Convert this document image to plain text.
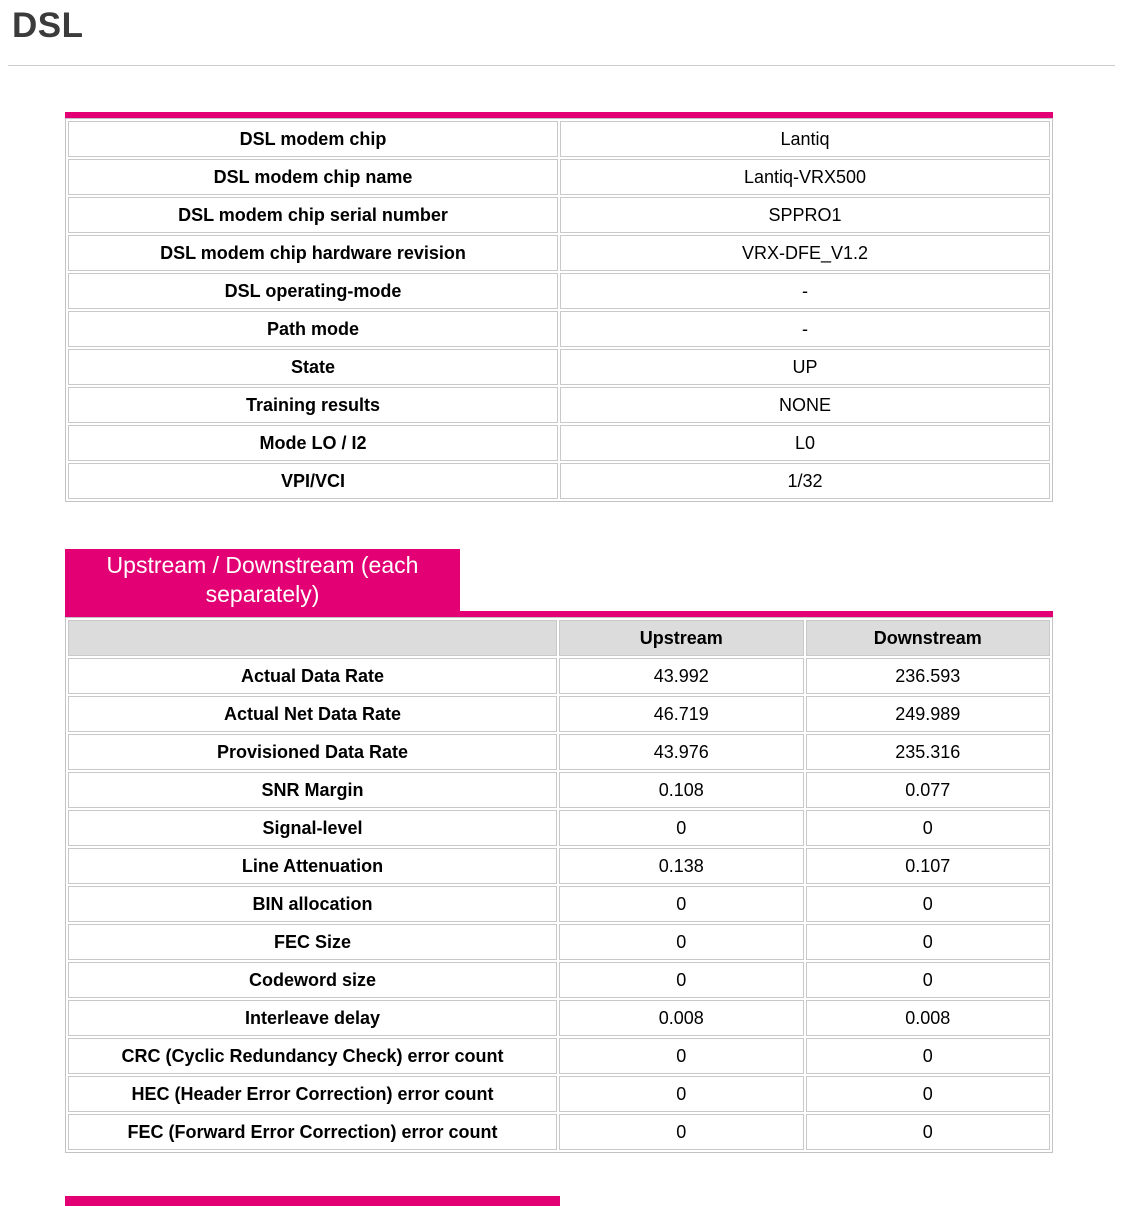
DSL
DSL modem chip	Lantiq
DSL modem chip name	Lantiq-VRX500
DSL modem chip serial number	SPPRO1
DSL modem chip hardware revision	VRX-DFE_V1.2
DSL operating-mode	-
Path mode	-
State	UP
Training results	NONE
Mode LO / I2	L0
VPI/VCI	1/32
Upstream / Downstream (each separately)
	Upstream	Downstream
Actual Data Rate	43.992	236.593
Actual Net Data Rate	46.719	249.989
Provisioned Data Rate	43.976	235.316
SNR Margin	0.108	0.077
Signal-level	0	0
Line Attenuation	0.138	0.107
BIN allocation	0	0
FEC Size	0	0
Codeword size	0	0
Interleave delay	0.008	0.008
CRC (Cyclic Redundancy Check) error count	0	0
HEC (Header Error Correction) error count	0	0
FEC (Forward Error Correction) error count	0	0
